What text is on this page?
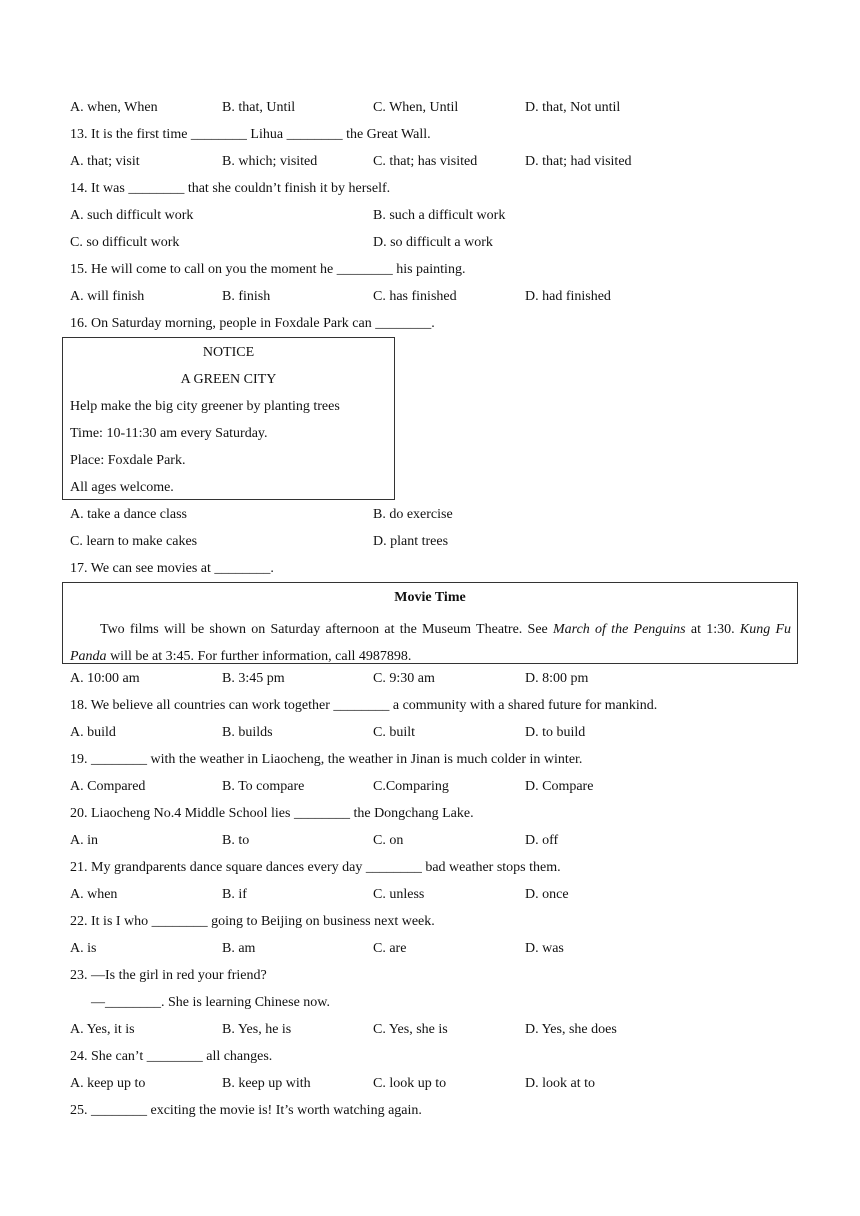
A. when, When	B. that, Until	C. When, Until	D. that, Not until
13. It is the first time ________ Lihua ________ the Great Wall.
A. that; visit	B. which; visited	C. that; has visited	D. that; had visited
14. It was ________ that she couldn’t finish it by herself.
A. such difficult work	B. such a difficult work
C. so difficult work	D. so difficult a work
15. He will come to call on you the moment he ________ his painting.
A. will finish	B. finish	C. has finished	D. had finished
16. On Saturday morning, people in Foxdale Park can ________.
NOTICE
A GREEN CITY
Help make the big city greener by planting trees
Time: 10-11:30 am every Saturday.
Place: Foxdale Park.
All ages welcome.
A. take a dance class	B. do exercise
C. learn to make cakes	D. plant trees
17. We can see movies at ________.
Movie Time
Two films will be shown on Saturday afternoon at the Museum Theatre. See March of the Penguins at 1:30. Kung Fu Panda will be at 3:45. For further information, call 4987898.
A. 10:00 am	B. 3:45 pm	C. 9:30 am	D. 8:00 pm
18. We believe all countries can work together ________ a community with a shared future for mankind.
A. build	B. builds	C. built	D. to build
19. ________ with the weather in Liaocheng, the weather in Jinan is much colder in winter.
A. Compared	B. To compare	C.Comparing	D. Compare
20. Liaocheng No.4 Middle School lies ________ the Dongchang Lake.
A. in	B. to	C. on	D. off
21. My grandparents dance square dances every day ________ bad weather stops them.
A. when	B. if	C. unless	D. once
22. It is I who ________ going to Beijing on business next week.
A. is	B. am	C. are	D. was
23. —Is the girl in red your friend?
—________. She is learning Chinese now.
A. Yes, it is	B. Yes, he is	C. Yes, she is	D. Yes, she does
24. She can’t ________ all changes.
A. keep up to	B. keep up with	C. look up to	D. look at to
25. ________ exciting the movie is! It’s worth watching again.
